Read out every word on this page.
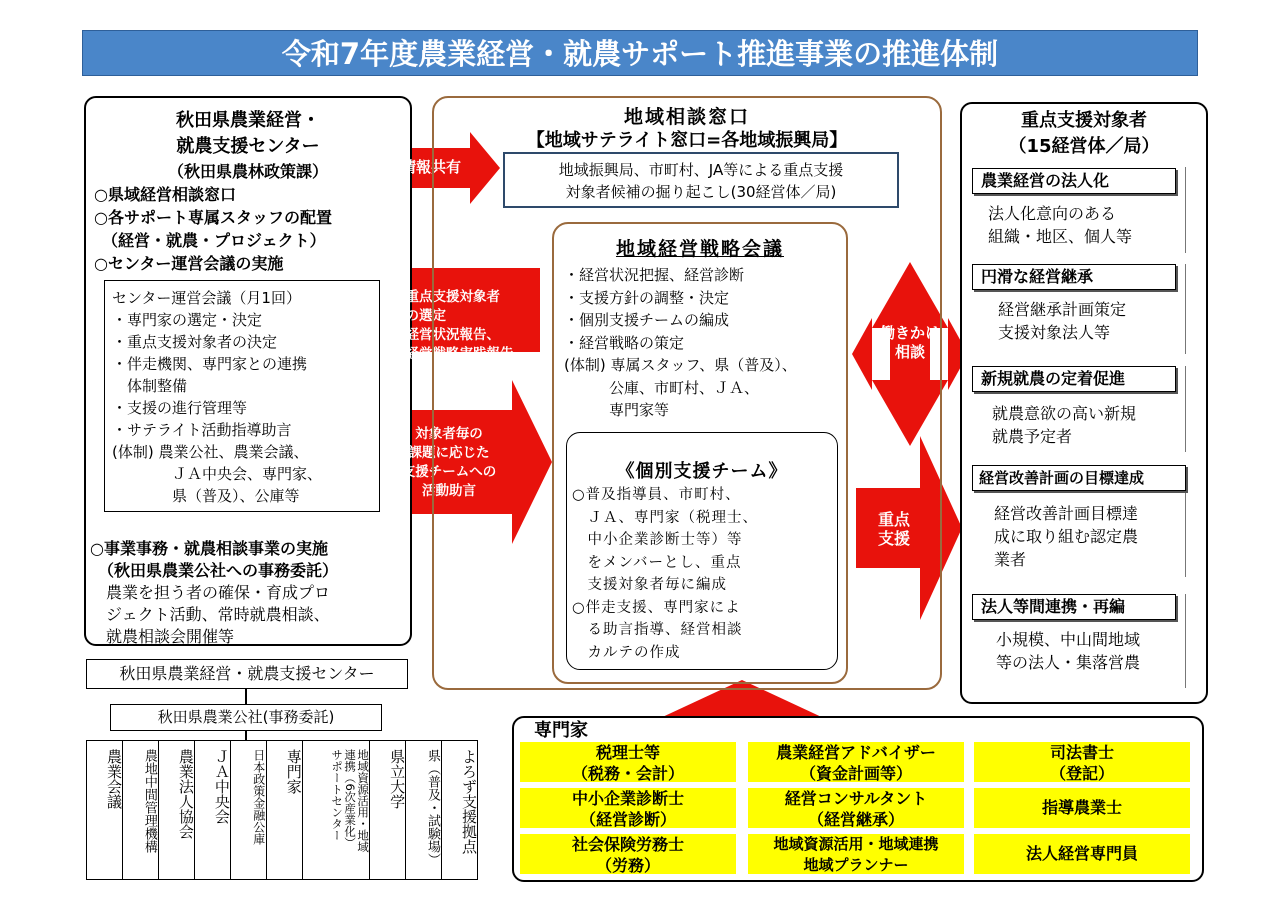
令和7年度農業経営・就農サポート推進事業の推進体制
秋田県農業経営・
就農支援センター
（秋田県農林政策課）
○県域経営相談窓口
○各サポート専属スタッフの配置
　（経営・就農・プロジェクト）
○センター運営会議の実施
センター運営会議（月1回）
・専門家の選定・決定
・重点支援対象者の決定
・伴走機関、専門家との連携
　体制整備
・支援の進行管理等
・サテライト活動指導助言
(体制) 農業公社、農業会議、
　　　　ＪＡ中央会、専門家、
　　　　県（普及）、公庫等
○事業事務・就農相談事業の実施
　（秋田県農業公社への事務委託）
　農業を担う者の確保・育成プロ
　ジェクト活動、常時就農相談、
　就農相談会開催等
秋田県農業経営・就農支援センター
秋田県農業公社(事務委託)
農業会議	農地中間管理機構	農業法人協会	ＪＡ中央会	日本政策金融公庫	専門家	地域資源活用・地域
連携（6次産業化）
サポートセンター	県立大学	県（普及・試験場）	よろず支援拠点
情報共有
・重点支援対象者
　の選定
・経営状況報告、
　経営戦略実践報告
対象者毎の
課題に応じた
支援チームへの
活動助言
働きかけ
相談
重点
支援
地域相談窓口
【地域サテライト窓口=各地域振興局】
地域振興局、市町村、JA等による重点支援
対象者候補の掘り起こし(30経営体／局)
地域経営戦略会議
・経営状況把握、経営診断
・支援方針の調整・決定
・個別支援チームの編成
・経営戦略の策定
(体制) 専属スタッフ、県（普及）、
　　　公庫、市町村、ＪＡ、
　　　専門家等
《個別支援チーム》
○普及指導員、市町村、
　ＪＡ、専門家（税理士、
　中小企業診断士等）等
　をメンバーとし、重点
　支援対象者毎に編成
○伴走支援、専門家によ
　る助言指導、経営相談
　カルテの作成
重点支援対象者
（15経営体／局）
農業経営の法人化
法人化意向のある
組織・地区、個人等
円滑な経営継承
経営継承計画策定
支援対象法人等
新規就農の定着促進
就農意欲の高い新規
就農予定者
経営改善計画の目標達成
経営改善計画目標達
成に取り組む認定農
業者
法人等間連携・再編
小規模、中山間地域
等の法人・集落営農
専門家
税理士等
（税務・会計）
農業経営アドバイザー
（資金計画等）
司法書士
（登記）
中小企業診断士
（経営診断）
経営コンサルタント
（経営継承）
指導農業士
社会保険労務士
（労務）
地域資源活用・地域連携
地域プランナー
法人経営専門員
